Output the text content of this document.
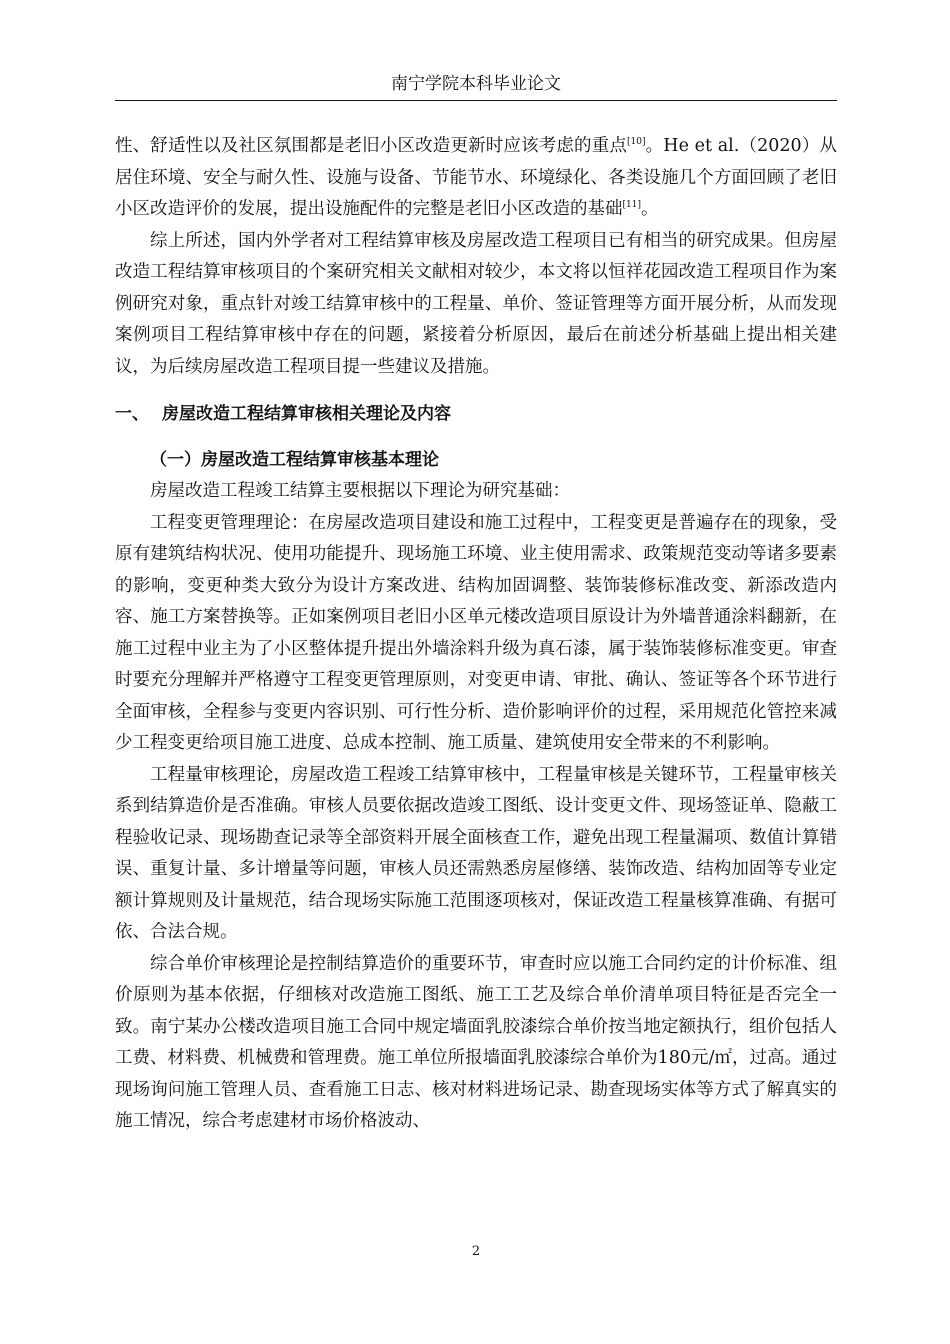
南宁学院本科毕业论文

性、舒适性以及社区氛围都是老旧小区改造更新时应该考虑的重点[10]。He et al.（2020）从居住环境、安全与耐久性、设施与设备、节能节水、环境绿化、各类设施几个方面回顾了老旧小区改造评价的发展，提出设施配件的完整是老旧小区改造的基础[11]。

综上所述，国内外学者对工程结算审核及房屋改造工程项目已有相当的研究成果。但房屋改造工程结算审核项目的个案研究相关文献相对较少，本文将以恒祥花园改造工程项目作为案例研究对象，重点针对竣工结算审核中的工程量、单价、签证管理等方面开展分析，从而发现案例项目工程结算审核中存在的问题，紧接着分析原因，最后在前述分析基础上提出相关建议，为后续房屋改造工程项目提一些建议及措施。

一、 房屋改造工程结算审核相关理论及内容
（一）房屋改造工程结算审核基本理论

房屋改造工程竣工结算主要根据以下理论为研究基础：

工程变更管理理论：在房屋改造项目建设和施工过程中，工程变更是普遍存在的现象，受原有建筑结构状况、使用功能提升、现场施工环境、业主使用需求、政策规范变动等诸多要素的影响，变更种类大致分为设计方案改进、结构加固调整、装饰装修标准改变、新添改造内容、施工方案替换等。正如案例项目老旧小区单元楼改造项目原设计为外墙普通涂料翻新，在施工过程中业主为了小区整体提升提出外墙涂料升级为真石漆，属于装饰装修标准变更。审查时要充分理解并严格遵守工程变更管理原则，对变更申请、审批、确认、签证等各个环节进行全面审核，全程参与变更内容识别、可行性分析、造价影响评价的过程，采用规范化管控来减少工程变更给项目施工进度、总成本控制、施工质量、建筑使用安全带来的不利影响。

工程量审核理论，房屋改造工程竣工结算审核中，工程量审核是关键环节，工程量审核关系到结算造价是否准确。审核人员要依据改造竣工图纸、设计变更文件、现场签证单、隐蔽工程验收记录、现场勘查记录等全部资料开展全面核查工作，避免出现工程量漏项、数值计算错误、重复计量、多计增量等问题，审核人员还需熟悉房屋修缮、装饰改造、结构加固等专业定额计算规则及计量规范，结合现场实际施工范围逐项核对，保证改造工程量核算准确、有据可依、合法合规。

综合单价审核理论是控制结算造价的重要环节，审查时应以施工合同约定的计价标准、组价原则为基本依据，仔细核对改造施工图纸、施工工艺及综合单价清单项目特征是否完全一致。南宁某办公楼改造项目施工合同中规定墙面乳胶漆综合单价按当地定额执行，组价包括人工费、材料费、机械费和管理费。施工单位所报墙面乳胶漆综合单价为180元/㎡，过高。通过现场询问施工管理人员、查看施工日志、核对材料进场记录、勘查现场实体等方式了解真实的施工情况，综合考虑建材市场价格波动、

2
